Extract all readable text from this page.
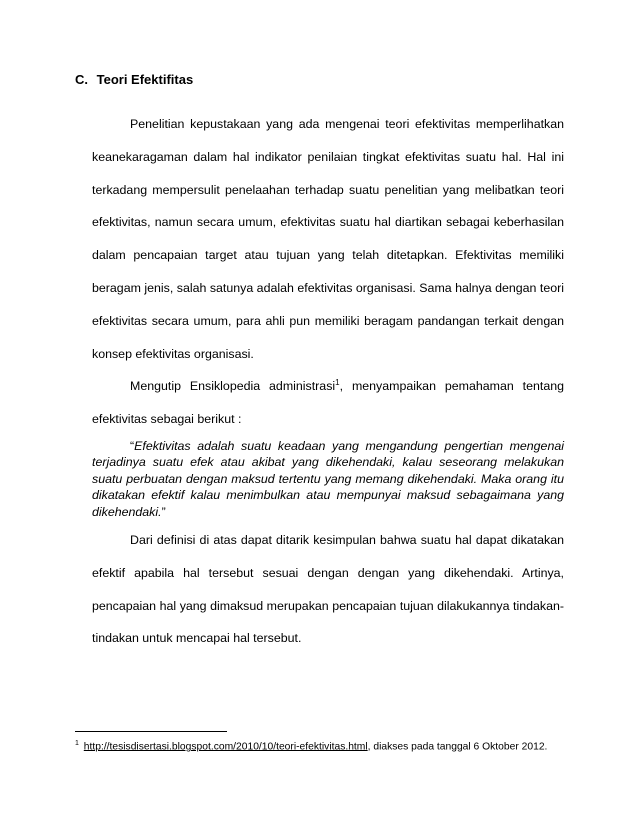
C. Teori Efektifitas

Penelitian kepustakaan yang ada mengenai teori efektivitas memperlihatkan keanekaragaman dalam hal indikator penilaian tingkat efektivitas suatu hal. Hal ini terkadang mempersulit penelaahan terhadap suatu penelitian yang melibatkan teori efektivitas, namun secara umum, efektivitas suatu hal diartikan sebagai keberhasilan dalam pencapaian target atau tujuan yang telah ditetapkan. Efektivitas memiliki beragam jenis, salah satunya adalah efektivitas organisasi. Sama halnya dengan teori efektivitas secara umum, para ahli pun memiliki beragam pandangan terkait dengan konsep efektivitas organisasi.

Mengutip Ensiklopedia administrasi$^1$, menyampaikan pemahaman tentang efektivitas sebagai berikut :

“Efektivitas adalah suatu keadaan yang mengandung pengertian mengenai terjadinya suatu efek atau akibat yang dikehendaki, kalau seseorang melakukan suatu perbuatan dengan maksud tertentu yang memang dikehendaki. Maka orang itu dikatakan efektif kalau menimbulkan atau mempunyai maksud sebagaimana yang dikehendaki.”

Dari definisi di atas dapat ditarik kesimpulan bahwa suatu hal dapat dikatakan efektif apabila hal tersebut sesuai dengan dengan yang dikehendaki. Artinya, pencapaian hal yang dimaksud merupakan pencapaian tujuan dilakukannya tindakan-tindakan untuk mencapai hal tersebut.

$^1$ http://tesisdisertasi.blogspot.com/2010/10/teori-efektivitas.html, diakses pada tanggal 6 Oktober 2012.
